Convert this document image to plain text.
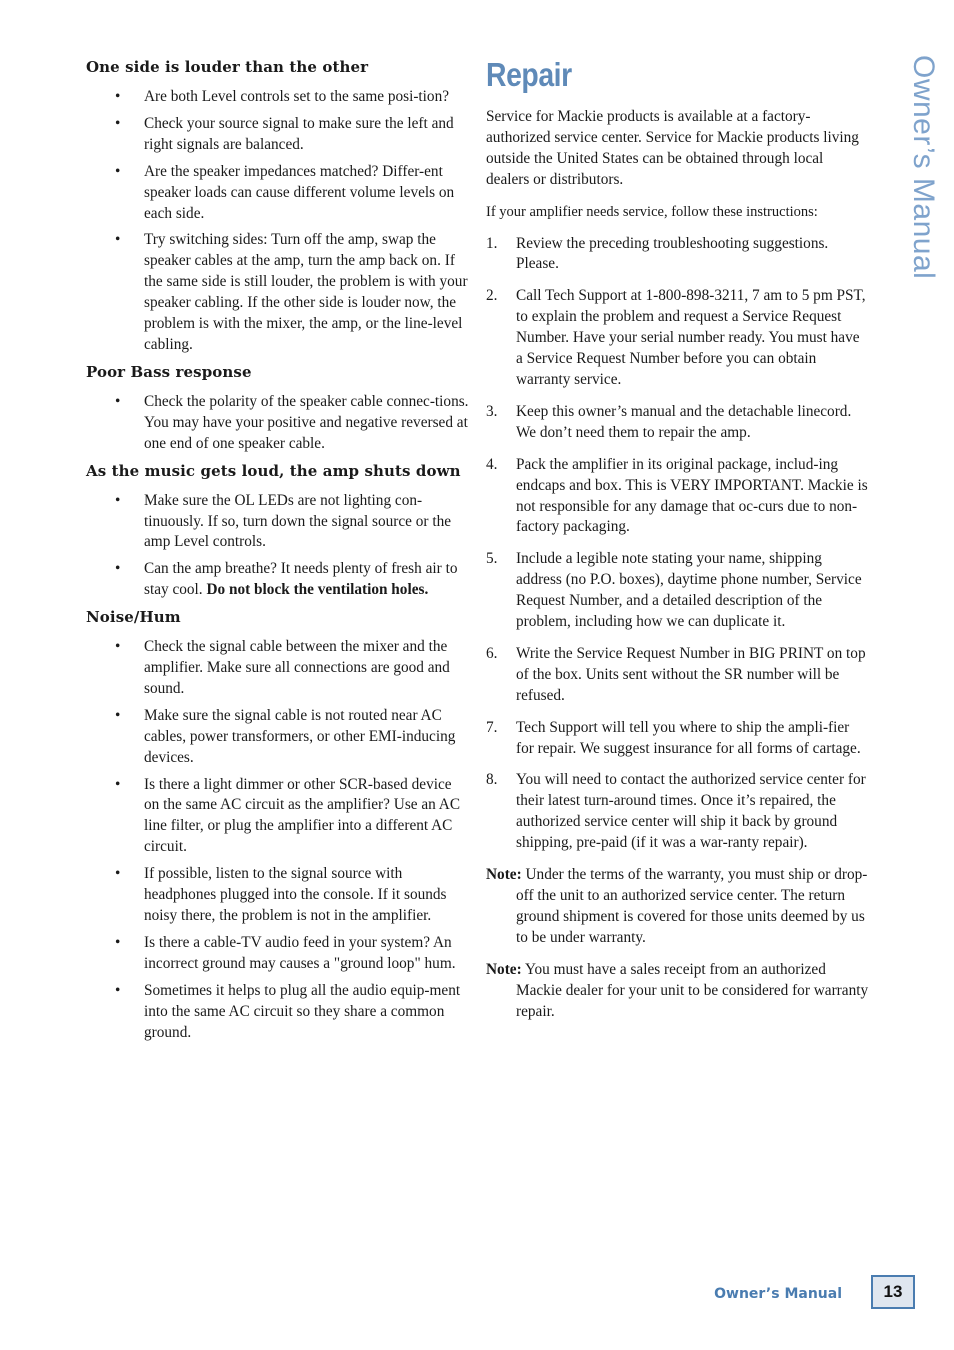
One side is louder than the other
• Are both Level controls set to the same posi-tion?
• Check your source signal to make sure the left and right signals are balanced.
• Are the speaker impedances matched? Differ-ent speaker loads can cause different volume levels on each side.
• Try switching sides: Turn off the amp, swap the speaker cables at the amp, turn the amp back on. If the same side is still louder, the problem is with your speaker cabling. If the other side is louder now, the problem is with the mixer, the amp, or the line-level cabling.
Poor Bass response
• Check the polarity of the speaker cable connec-tions. You may have your positive and negative reversed at one end of one speaker cable.
As the music gets loud, the amp shuts down
• Make sure the OL LEDs are not lighting con-tinuously. If so, turn down the signal source or the amp Level controls.
• Can the amp breathe? It needs plenty of fresh air to stay cool. Do not block the ventilation holes.
Noise/Hum
• Check the signal cable between the mixer and the amplifier. Make sure all connections are good and sound.
• Make sure the signal cable is not routed near AC cables, power transformers, or other EMI-inducing devices.
• Is there a light dimmer or other SCR-based device on the same AC circuit as the amplifier? Use an AC line filter, or plug the amplifier into a different AC circuit.
• If possible, listen to the signal source with headphones plugged into the console. If it sounds noisy there, the problem is not in the amplifier.
• Is there a cable-TV audio feed in your system? An incorrect ground may causes a "ground loop" hum.
• Sometimes it helps to plug all the audio equip-ment into the same AC circuit so they share a common ground.
Repair

Service for Mackie products is available at a factory-authorized service center. Service for Mackie products living outside the United States can be obtained through local dealers or distributors.

If your amplifier needs service, follow these instructions:

1. Review the preceding troubleshooting suggestions. Please.
2. Call Tech Support at 1-800-898-3211, 7 am to 5 pm PST, to explain the problem and request a Service Request Number. Have your serial number ready. You must have a Service Request Number before you can obtain warranty service.
3. Keep this owner’s manual and the detachable linecord. We don’t need them to repair the amp.
4. Pack the amplifier in its original package, includ-ing endcaps and box. This is VERY IMPORTANT. Mackie is not responsible for any damage that oc-curs due to non-factory packaging.
5. Include a legible note stating your name, shipping address (no P.O. boxes), daytime phone number, Service Request Number, and a detailed description of the problem, including how we can duplicate it.
6. Write the Service Request Number in BIG PRINT on top of the box. Units sent without the SR number will be refused.
7. Tech Support will tell you where to ship the ampli-fier for repair. We suggest insurance for all forms of cartage.
8. You will need to contact the authorized service center for their latest turn-around times. Once it’s repaired, the authorized service center will ship it back by ground shipping, pre-paid (if it was a war-ranty repair).

Note: Under the terms of the warranty, you must ship or drop-off the unit to an authorized service center. The return ground shipment is covered for those units deemed by us to be under warranty.

Note: You must have a sales receipt from an authorized Mackie dealer for your unit to be considered for warranty repair.

Owner’s Manual
Owner’s Manual	13
